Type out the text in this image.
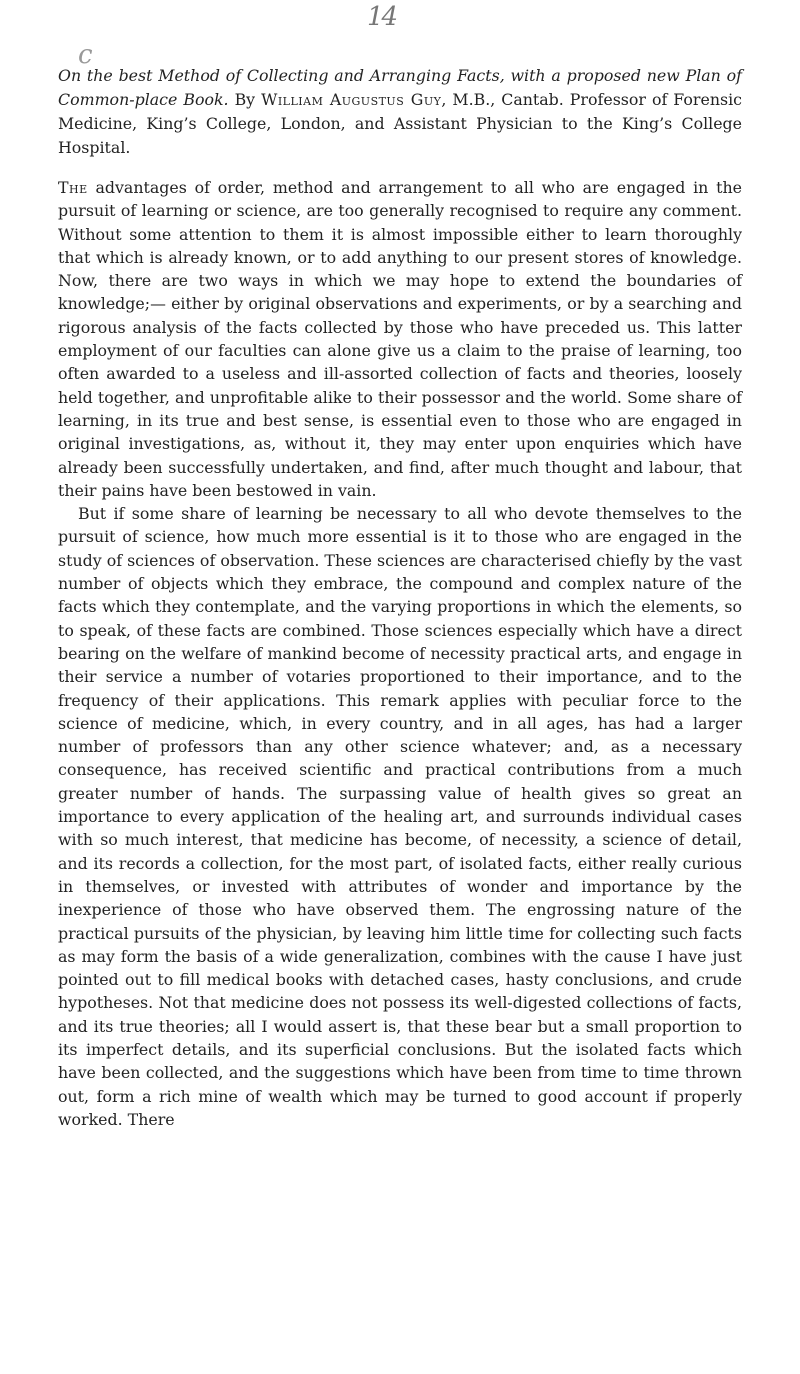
14
c

On the best Method of Collecting and Arranging Facts, with a proposed new Plan of Common-place Book. By William Augustus Guy, M.B., Cantab. Professor of Forensic Medicine, King’s College, London, and Assistant Physician to the King’s College Hospital.

The advantages of order, method and arrangement to all who are engaged in the pursuit of learning or science, are too generally recognised to require any comment. Without some attention to them it is almost impossible either to learn thoroughly that which is already known, or to add anything to our present stores of knowledge. Now, there are two ways in which we may hope to extend the boundaries of knowledge;— either by original observations and experiments, or by a searching and rigorous analysis of the facts collected by those who have preceded us. This latter employment of our faculties can alone give us a claim to the praise of learning, too often awarded to a useless and ill-assorted collection of facts and theories, loosely held together, and unprofitable alike to their possessor and the world. Some share of learning, in its true and best sense, is essential even to those who are engaged in original investigations, as, without it, they may enter upon enquiries which have already been successfully undertaken, and find, after much thought and labour, that their pains have been bestowed in vain.

But if some share of learning be necessary to all who devote themselves to the pursuit of science, how much more essential is it to those who are engaged in the study of sciences of observation. These sciences are characterised chiefly by the vast number of objects which they embrace, the compound and complex nature of the facts which they contemplate, and the varying proportions in which the elements, so to speak, of these facts are combined. Those sciences especially which have a direct bearing on the welfare of mankind become of necessity practical arts, and engage in their service a number of votaries proportioned to their importance, and to the frequency of their applications. This remark applies with peculiar force to the science of medicine, which, in every country, and in all ages, has had a larger number of professors than any other science whatever; and, as a necessary consequence, has received scientific and practical contributions from a much greater number of hands. The surpassing value of health gives so great an importance to every application of the healing art, and surrounds individual cases with so much interest, that medicine has become, of necessity, a science of detail, and its records a collection, for the most part, of isolated facts, either really curious in themselves, or invested with attributes of wonder and importance by the inexperience of those who have observed them. The engrossing nature of the practical pursuits of the physician, by leaving him little time for collecting such facts as may form the basis of a wide generalization, combines with the cause I have just pointed out to fill medical books with detached cases, hasty conclusions, and crude hypotheses. Not that medicine does not possess its well-digested collections of facts, and its true theories; all I would assert is, that these bear but a small proportion to its imperfect details, and its superficial conclusions. But the isolated facts which have been collected, and the suggestions which have been from time to time thrown out, form a rich mine of wealth which may be turned to good account if properly worked. There
